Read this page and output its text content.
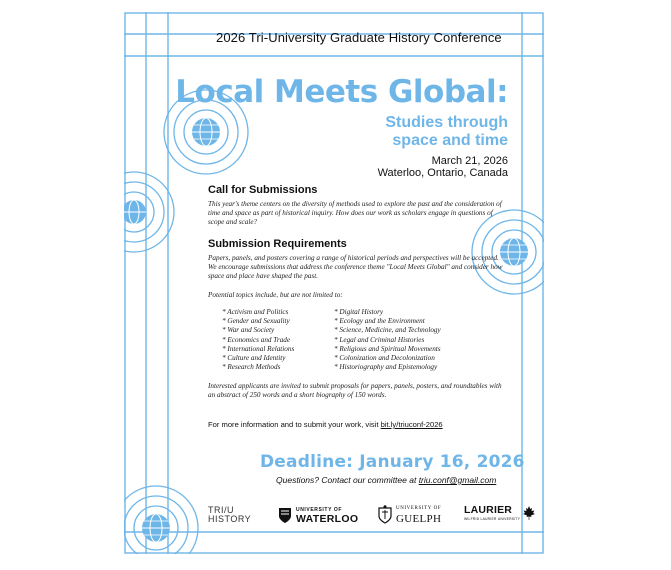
2026 Tri-University Graduate History Conference
Local Meets Global:
Studies through
space and time
March 21, 2026
Waterloo, Ontario, Canada
Call for Submissions
This year's theme centers on the diversity of methods used to explore the past and the consideration of time and space as part of historical inquiry. How does our work as scholars engage in questions of scope and scale?
Submission Requirements
Papers, panels, and posters covering a range of historical periods and perspectives will be accepted. We encourage submissions that address the conference theme "Local Meets Global" and consider how space and place have shaped the past.
Potential topics include, but are not limited to:
* Activism and Politics
* Gender and Sexuality
* War and Society
* Economics and Trade
* International Relations
* Culture and Identity
* Research Methods
* Digital History
* Ecology and the Environment
* Science, Medicine, and Technology
* Legal and Criminal Histories
* Religious and Spiritual Movements
* Colonization and Decolonization
* Historiography and Epistemology
Interested applicants are invited to submit proposals for papers, panels, posters, and roundtables with an abstract of 250 words and a short biography of 150 words.
For more information and to submit your work, visit bit.ly/triuconf-2026
Deadline: January 16, 2026
Questions? Contact our committee at triu.conf@gmail.com
TRI/U
HISTORY
UNIVERSITY OF
WATERLOO
UNIVERSITY OF
GUELPH
LAURIER
WILFRID LAURIER UNIVERSITY
